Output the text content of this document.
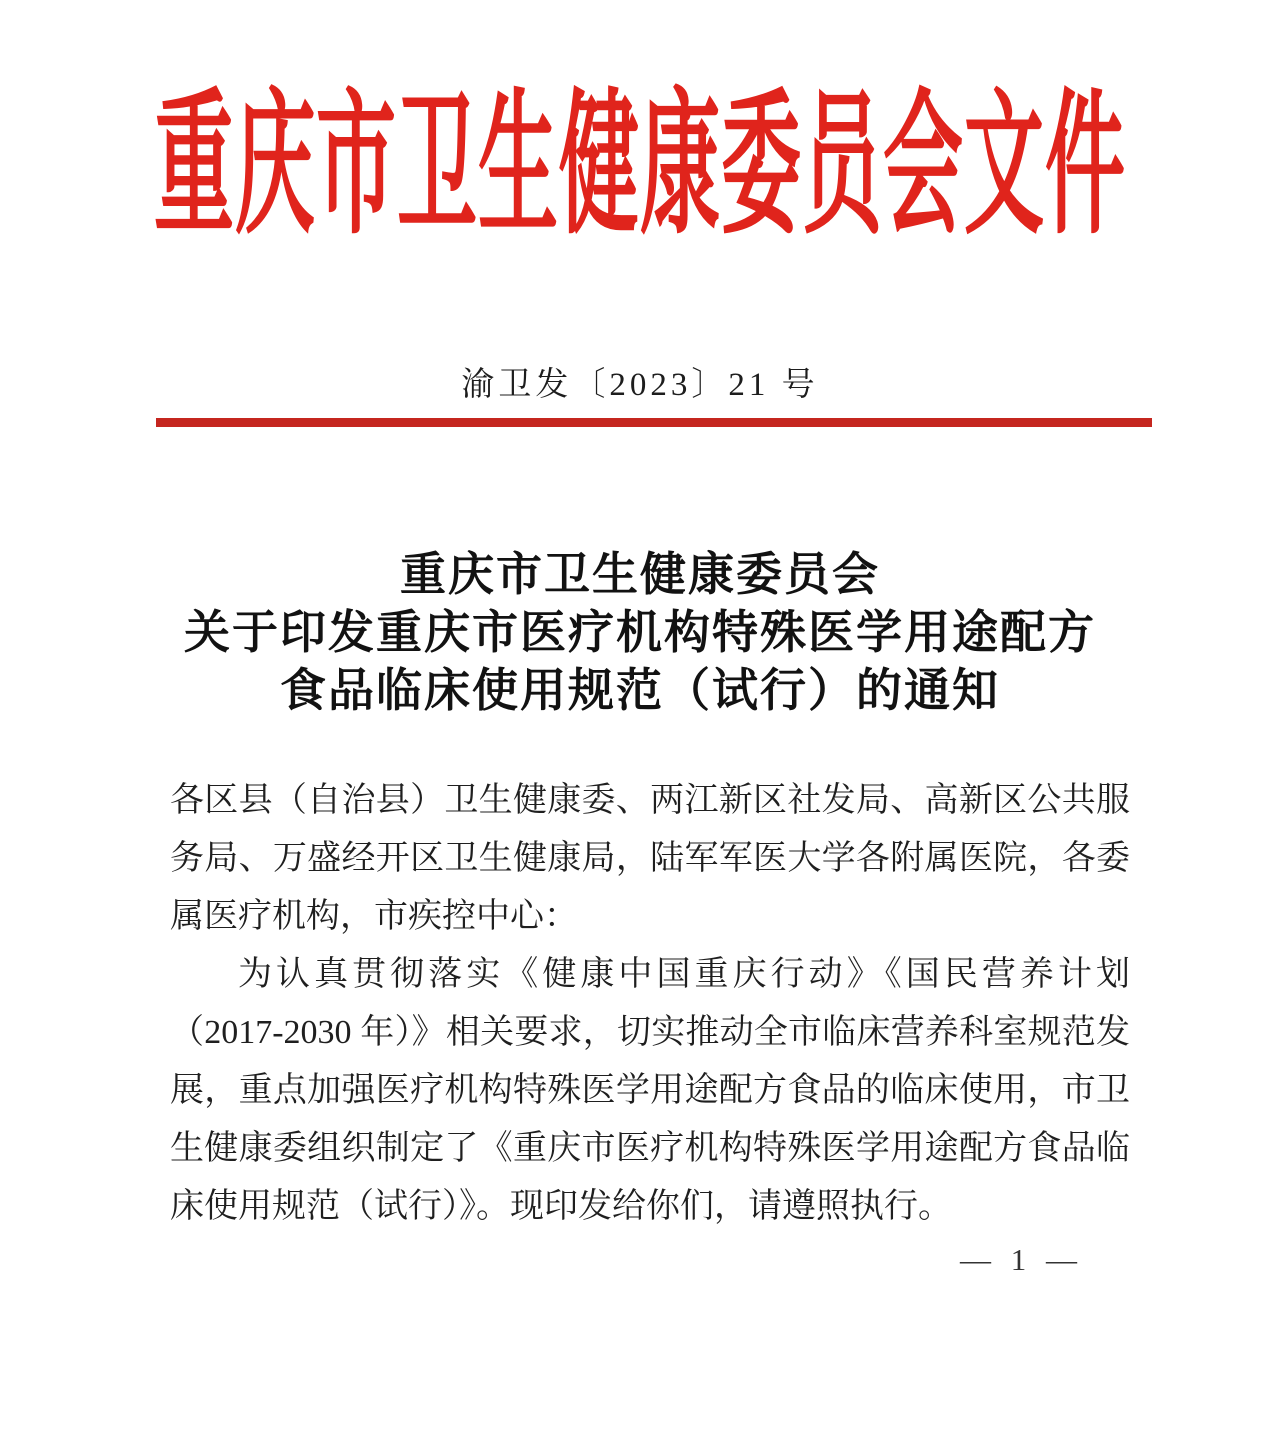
重庆市卫生健康委员会文件
渝卫发〔2023〕21 号
重庆市卫生健康委员会
关于印发重庆市医疗机构特殊医学用途配方
食品临床使用规范（试行）的通知
各区县（自治县）卫生健康委、两江新区社发局、高新区公共服
务局、万盛经开区卫生健康局，陆军军医大学各附属医院，各委
属医疗机构，市疾控中心：
为认真贯彻落实《健康中国重庆行动》《国民营养计划
（2017-2030 年）》相关要求，切实推动全市临床营养科室规范发
展，重点加强医疗机构特殊医学用途配方食品的临床使用，市卫
生健康委组织制定了《重庆市医疗机构特殊医学用途配方食品临
床使用规范（试行）》。现印发给你们，请遵照执行。
— 1 —
